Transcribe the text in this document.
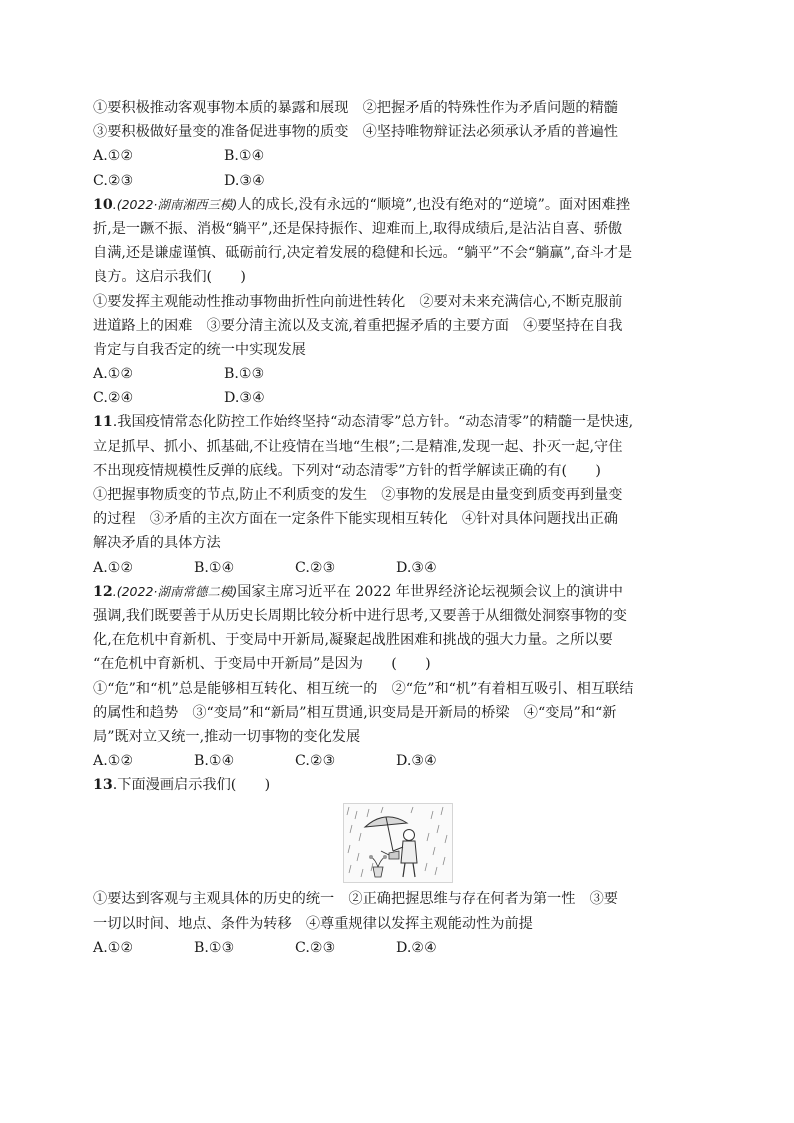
①要积极推动客观事物本质的暴露和展现　②把握矛盾的特殊性作为矛盾问题的精髓
③要积极做好量变的准备促进事物的质变　④坚持唯物辩证法必须承认矛盾的普遍性
A.①②	B.①④
C.②③	D.③④
10.(2022·湖南湘西三模)人的成长,没有永远的“顺境”,也没有绝对的“逆境”。面对困难挫
折,是一蹶不振、消极“躺平”,还是保持振作、迎难而上,取得成绩后,是沾沾自喜、骄傲
自满,还是谦虚谨慎、砥砺前行,决定着发展的稳健和长远。“躺平”不会“躺赢”,奋斗才是
良方。这启示我们(　　)
①要发挥主观能动性推动事物曲折性向前进性转化　②要对未来充满信心,不断克服前
进道路上的困难　③要分清主流以及支流,着重把握矛盾的主要方面　④要坚持在自我
肯定与自我否定的统一中实现发展
A.①②	B.①③
C.②④	D.③④
11.我国疫情常态化防控工作始终坚持“动态清零”总方针。“动态清零”的精髓一是快速,
立足抓早、抓小、抓基础,不让疫情在当地“生根”;二是精准,发现一起、扑灭一起,守住
不出现疫情规模性反弹的底线。下列对“动态清零”方针的哲学解读正确的有(　　)
①把握事物质变的节点,防止不利质变的发生　②事物的发展是由量变到质变再到量变
的过程　③矛盾的主次方面在一定条件下能实现相互转化　④针对具体问题找出正确
解决矛盾的具体方法
A.①②	B.①④	C.②③	D.③④
12.(2022·湖南常德二模)国家主席习近平在 2022 年世界经济论坛视频会议上的演讲中
强调,我们既要善于从历史长周期比较分析中进行思考,又要善于从细微处洞察事物的变
化,在危机中育新机、于变局中开新局,凝聚起战胜困难和挑战的强大力量。之所以要
“在危机中育新机、于变局中开新局”是因为　　(　　)
①“危”和“机”总是能够相互转化、相互统一的　②“危”和“机”有着相互吸引、相互联结
的属性和趋势　③“变局”和“新局”相互贯通,识变局是开新局的桥梁　④“变局”和“新
局”既对立又统一,推动一切事物的变化发展
A.①②	B.①④	C.②③	D.③④
13.下面漫画启示我们(　　)
①要达到客观与主观具体的历史的统一　②正确把握思维与存在何者为第一性　③要
一切以时间、地点、条件为转移　④尊重规律以发挥主观能动性为前提
A.①②	B.①③	C.②③	D.②④
